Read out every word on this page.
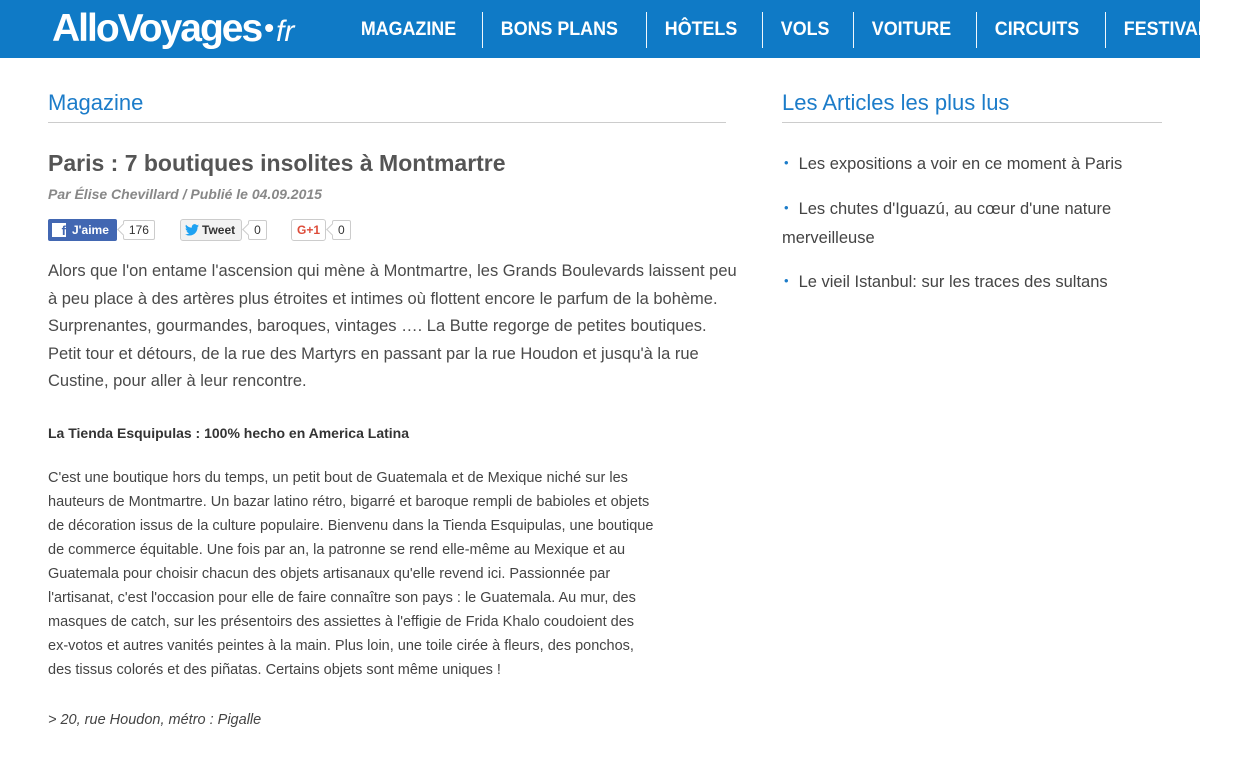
AlloVoyages •fr	MAGAZINE	BONS PLANS	HÔTELS	VOLS	VOITURE	CIRCUITS	FESTIVALS
Magazine	Les Articles les plus lus
Paris : 7 boutiques insolites à Montmartre
Par Élise Chevillard / Publié le 04.09.2015
f J'aime	176	Tweet	0	G+1	0

Alors que l'on entame l'ascension qui mène à Montmartre, les Grands Boulevards laissent peu à peu place à des artères plus étroites et intimes où flottent encore le parfum de la bohème. Surprenantes, gourmandes, baroques, vintages …. La Butte regorge de petites boutiques. Petit tour et détours, de la rue des Martyrs en passant par la rue Houdon et jusqu'à la rue Custine, pour aller à leur rencontre.

La Tienda Esquipulas : 100% hecho en America Latina

C'est une boutique hors du temps, un petit bout de Guatemala et de Mexique niché sur les hauteurs de Montmartre. Un bazar latino rétro, bigarré et baroque rempli de babioles et objets de décoration issus de la culture populaire. Bienvenu dans la Tienda Esquipulas, une boutique de commerce équitable. Une fois par an, la patronne se rend elle-même au Mexique et au Guatemala pour choisir chacun des objets artisanaux qu'elle revend ici. Passionnée par l'artisanat, c'est l'occasion pour elle de faire connaître son pays : le Guatemala. Au mur, des masques de catch, sur les présentoirs des assiettes à l'effigie de Frida Khalo coudoient des ex-votos et autres vanités peintes à la main. Plus loin, une toile cirée à fleurs, des ponchos, des tissus colorés et des piñatas. Certains objets sont même uniques !

> 20, rue Houdon, métro : Pigalle
• Les expositions a voir en ce moment à Paris
• Les chutes d'Iguazú, au cœur d'une nature merveilleuse
• Le vieil Istanbul: sur les traces des sultans
